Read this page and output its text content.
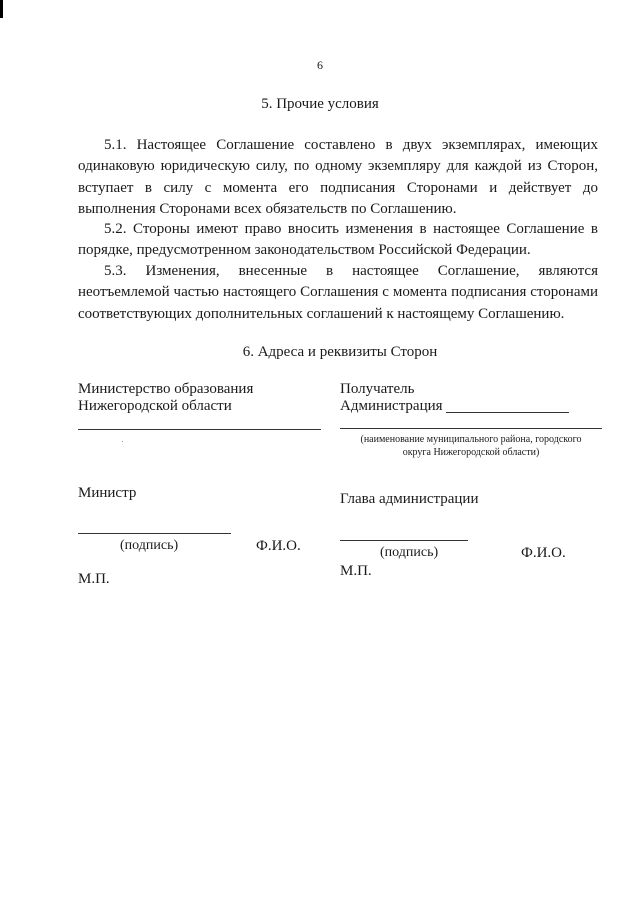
6
5. Прочие условия
5.1. Настоящее Соглашение составлено в двух экземплярах, имеющих одинаковую юридическую силу, по одному экземпляру для каждой из Сторон, вступает в силу с момента его подписания Сторонами и действует до выполнения Сторонами всех обязательств по Соглашению.
5.2. Стороны имеют право вносить изменения в настоящее Соглашение в порядке, предусмотренном законодательством Российской Федерации.
5.3. Изменения, внесенные в настоящее Соглашение, являются неотъемлемой частью настоящего Соглашения с момента подписания сторонами соответствующих дополнительных соглашений к настоящему Соглашению.
6. Адреса и реквизиты Сторон
Министерство образования
Нижегородской области
Министр
(подпись)	Ф.И.О.
М.П.
Получатель
Администрация
(наименование муниципального района, городского
округа Нижегородской области)
Глава администрации
(подпись)	Ф.И.О.
М.П.
